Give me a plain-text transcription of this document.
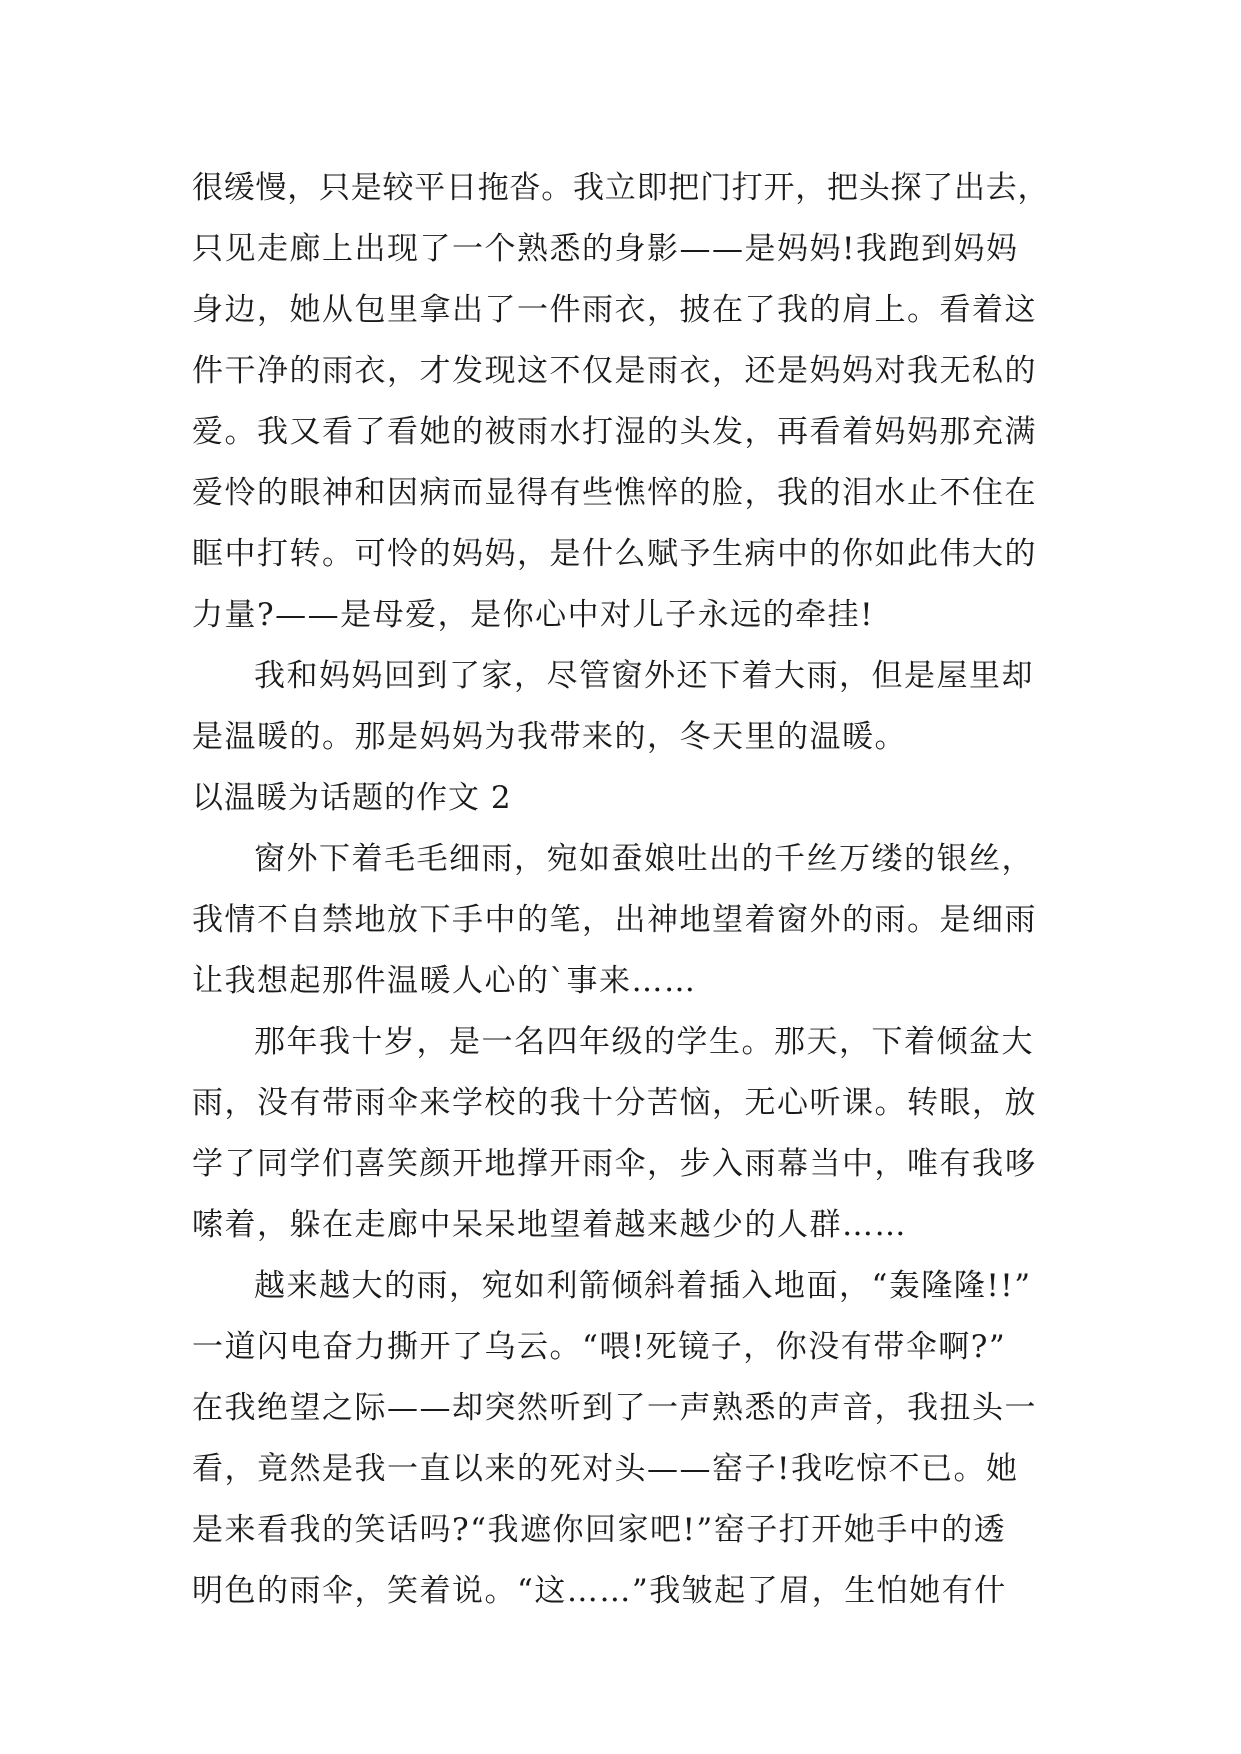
很缓慢，只是较平日拖沓。我立即把门打开，把头探了出去，
只见走廊上出现了一个熟悉的身影——是妈妈!我跑到妈妈
身边，她从包里拿出了一件雨衣，披在了我的肩上。看着这
件干净的雨衣，才发现这不仅是雨衣，还是妈妈对我无私的
爱。我又看了看她的被雨水打湿的头发，再看着妈妈那充满
爱怜的眼神和因病而显得有些憔悴的脸，我的泪水止不住在
眶中打转。可怜的妈妈，是什么赋予生病中的你如此伟大的
力量?——是母爱，是你心中对儿子永远的牵挂!
我和妈妈回到了家，尽管窗外还下着大雨，但是屋里却
是温暖的。那是妈妈为我带来的，冬天里的温暖。
以温暖为话题的作文 2
窗外下着毛毛细雨，宛如蚕娘吐出的千丝万缕的银丝，
我情不自禁地放下手中的笔，出神地望着窗外的雨。是细雨
让我想起那件温暖人心的`事来……
那年我十岁，是一名四年级的学生。那天，下着倾盆大
雨，没有带雨伞来学校的我十分苦恼，无心听课。转眼，放
学了同学们喜笑颜开地撑开雨伞，步入雨幕当中，唯有我哆
嗦着，躲在走廊中呆呆地望着越来越少的人群……
越来越大的雨，宛如利箭倾斜着插入地面，“轰隆隆!!”
一道闪电奋力撕开了乌云。“喂!死镜子，你没有带伞啊?”
在我绝望之际——却突然听到了一声熟悉的声音，我扭头一
看，竟然是我一直以来的死对头——窑子!我吃惊不已。她
是来看我的笑话吗?“我遮你回家吧!”窑子打开她手中的透
明色的雨伞，笑着说。“这……”我皱起了眉，生怕她有什
